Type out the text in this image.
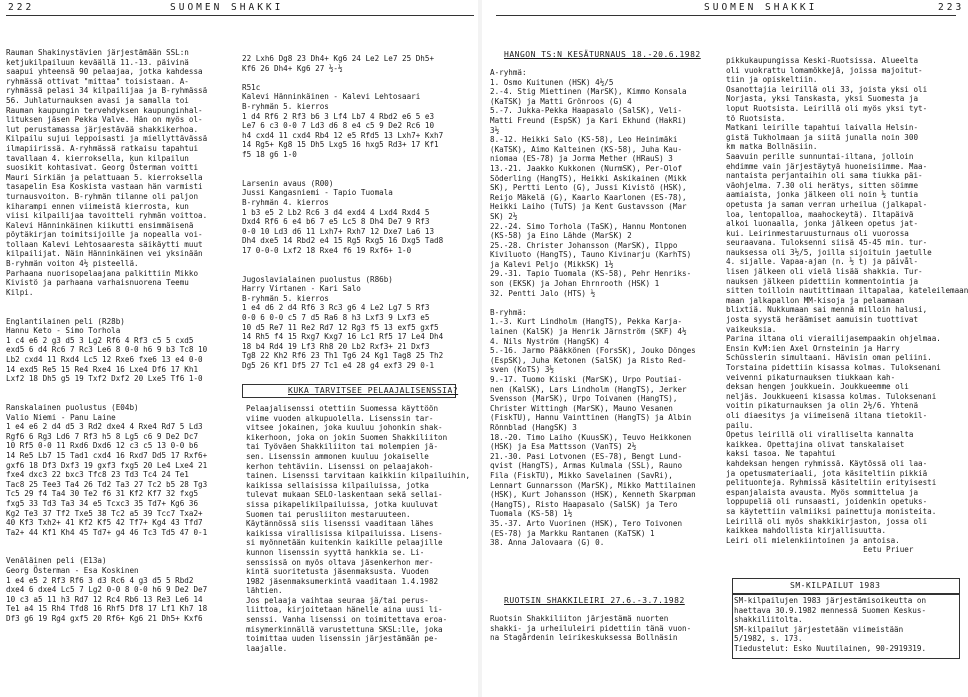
222	SUOMEN SHAKKI
Rauman Shakinystävien järjestämään SSL:n
ketjukilpailuun keväällä 11.-13. päivinä
saapui yhteensä 90 pelaajaa, jotka kahdessa
ryhmässä ottivat "mittaa" toisistaan. A-
ryhmässä pelasi 34 kilpailijaa ja B-ryhmässä
56. Juhlaturnauksen avasi ja samalla toi
Rauman kaupungin tervehdyksen kaupunginhal-
lituksen jäsen Pekka Valve. Hän on myös ol-
lut perustamassa järjestävää shakkikerhoa.
Kilpailu sujui leppoisasti ja miellyttävässä
ilmapiirissä. A-ryhmässä ratkaisu tapahtui
tavallaan 4. kierroksella, kun kilpailun
suosikit kohtasivat. Georg Österman voitti
Mauri Sirkiän ja pelattuaan 5. kierroksella
tasapelin Esa Koskista vastaan hän varmisti
turnausvoiton. B-ryhmän tilanne oli paljon
kiharampi ennen viimeistä kierrosta, kun
viisi kilpailijaa tavoitteli ryhmän voittoa.
Kalevi Hänninkäinen kiikutti ensimmäisenä
pöytäkirjan toimitsijoille ja nopealla voi-
tollaan Kalevi Lehtosaaresta säikäytti muut
kilpailijat. Näin Hänninkäinen vei yksinään
B-ryhmän voiton 4½ pisteellä.
Parhaana nuorisopelaajana palkittiin Mikko
Kivistö ja parhaana varhaisnuorena Teemu
Kilpi.
Englantilainen peli (R28b)
Hannu Keto - Simo Torhola
1 c4 e6 2 g3 d5 3 Lg2 Rf6 4 Rf3 c5 5 cxd5
exd5 6 d4 Rc6 7 Rc3 Le6 8 0-0 h6 9 b3 Tc8 10
Lb2 cxd4 11 Rxd4 Lc5 12 Rxe6 fxe6 13 e4 0-0
14 exd5 Re5 15 Re4 Rxe4 16 Lxe4 Df6 17 Kh1
Lxf2 18 Dh5 g5 19 Txf2 Dxf2 20 Lxe5 Tf6 1-0
Ranskalainen puolustus (E04b)
Valio Niemi - Panu Laine
1 e4 e6 2 d4 d5 3 Rd2 dxe4 4 Rxe4 Rd7 5 Ld3
Rgf6 6 Rg3 Ld6 7 Rf3 h5 8 Lg5 c6 9 De2 Dc7
10 Rf5 0-0 11 Rxd6 Dxd6 12 c3 c5 13 0-0 b6
14 Re5 Lb7 15 Tad1 cxd4 16 Rxd7 Dd5 17 Rxf6+
gxf6 18 Df3 Dxf3 19 gxf3 fxg5 20 Le4 Lxe4 21
fxe4 dxc3 22 bxc3 Tfc8 23 Td3 Tc4 24 Te1
Tac8 25 Tee3 Ta4 26 Td2 Ta3 27 Tc2 b5 28 Tg3
Tc5 29 f4 Ta4 30 Te2 f6 31 Kf2 Kf7 32 fxg5
fxg5 33 Td3 Ta3 34 e5 Tcxc3 35 Td7+ Kg6 36
Kg2 Te3 37 Tf2 Txe5 38 Tc2 a5 39 Tcc7 Txa2+
40 Kf3 Txh2+ 41 Kf2 Kf5 42 Tf7+ Kg4 43 Tfd7
Ta2+ 44 Kf1 Kh4 45 Td7+ g4 46 Tc3 Td5 47 0-1
Venäläinen peli (E13a)
Georg Österman - Esa Koskinen
1 e4 e5 2 Rf3 Rf6 3 d3 Rc6 4 g3 d5 5 Rbd2
dxe4 6 dxe4 Lc5 7 Lg2 0-0 8 0-0 h6 9 De2 De7
10 c3 a5 11 h3 Rd7 12 Rc4 Rb6 13 Re3 Le6 14
Te1 a4 15 Rh4 Tfd8 16 Rhf5 Df8 17 Lf1 Kh7 18
Df3 g6 19 Rg4 gxf5 20 Rf6+ Kg6 21 Dh5+ Kxf6
22 Lxh6 Dg8 23 Dh4+ Kg6 24 Le2 Le7 25 Dh5+
Kf6 26 Dh4+ Kg6 27 ½-½
R51c
Kalevi Hänninkäinen - Kalevi Lehtosaari
B-ryhmän 5. kierros
1 d4 Rf6 2 Rf3 b6 3 Lf4 Lb7 4 Rbd2 e6 5 e3
Le7 6 c3 0-0 7 Ld3 d6 8 e4 c5 9 De2 Rc6 10
h4 cxd4 11 cxd4 Rb4 12 e5 Rfd5 13 Lxh7+ Kxh7
14 Rg5+ Kg8 15 Dh5 Lxg5 16 hxg5 Rd3+ 17 Kf1
f5 18 g6 1-0
Larsenin avaus (R00)
Jussi Kangasniemi - Tapio Tuomala
B-ryhmän 4. kierros
1 b3 e5 2 Lb2 Rc6 3 d4 exd4 4 Lxd4 Rxd4 5
Dxd4 Rf6 6 e4 b6 7 e5 Lc5 8 Dh4 De7 9 Rf3
0-0 10 Ld3 d6 11 Lxh7+ Rxh7 12 Dxe7 La6 13
Dh4 dxe5 14 Rbd2 e4 15 Rg5 Rxg5 16 Dxg5 Tad8
17 0-0-0 Lxf2 18 Rxe4 f6 19 Rxf6+ 1-0
Jugoslavialainen puolustus (R86b)
Harry Virtanen - Kari Salo
B-ryhmän 5. kierros
1 e4 d6 2 d4 Rf6 3 Rc3 g6 4 Le2 Lg7 5 Rf3
0-0 6 0-0 c5 7 d5 Ra6 8 h3 Lxf3 9 Lxf3 e5
10 d5 Re7 11 Re2 Rd7 12 Rg3 f5 13 exf5 gxf5
14 Rh5 f4 15 Rxg7 Kxg7 16 Lc1 Rf5 17 Le4 Dh4
18 b4 Rd4 19 Lf3 Rh8 20 Lb2 Rxf3+ 21 Dxf3
Tg8 22 Kh2 Rf6 23 Th1 Tg6 24 Kg1 Tag8 25 Th2
Dg5 26 Kf1 Df5 27 Tc1 e4 28 g4 exf3 29 0-1
KUKA TARVITSEE PELAAJALISENSSIA?
Pelaajalisenssi otettiin Suomessa käyttöön
viime vuoden alkupuolella. Lisenssin tar-
vitsee jokainen, joka kuuluu johonkin shak-
kikerhoon, joka on jokin Suomen Shakkiliiton
tai Työväen Shakkiliiton tai molempien jä-
sen. Lisenssin ammonen kuuluu jokaiselle
kerhon tehtäviin. Lisenssi on pelaajakoh-
tainen. Lisenssi tarvitaan kaikkiin kilpailuihin,
kaikissa sellaisissa kilpailuissa, jotka
tulevat mukaan SELO-laskentaan sekä sellai-
sissa pikapelikilpailuissa, jotka kuuluvat
Suomen tai perusliiton mestaruuteen.
Käytännössä siis lisenssi vaaditaan lähes
kaikissa virallisissa kilpailuissa. Lisens-
si myönnetään kuitenkin kaikille pelaajille
kunnon lisenssin syyttä hankkia se. Li-
senssissä on myös oltava jäsenkerhon mer-
kintä suoritetusta jäsenmaksusta. Vuoden
1982 jäsenmaksumerkintä vaaditaan 1.4.1982
lähtien.
Jos pelaaja vaihtaa seuraa jä/tai perus-
liittoa, kirjoitetaan hänelle aina uusi li-
senssi. Vanha lisenssi on toimitettava eroa-
misymerkinnällä varustettuna SKSL:lle, joka
toimittaa uuden lisenssin järjestämään pe-
laajalle.
SUOMEN SHAKKI	223
HANGON TS:N KESÄTURNAUS 18.-20.6.1982
A-ryhmä:
1. Osmo Kuitunen (HSK) 4½/5
2.-4. Stig Miettinen (MarSK), Kimmo Konsala
(KaTSK) ja Matti Grönroos (G) 4
5.-7. Jukka-Pekka Haapasalo (SalSK), Veli-
Matti Freund (EspSK) ja Kari Ekhund (HakRi)
3½
8.-12. Heikki Salo (KS-58), Leo Heinimäki
(KaTSK), Aimo Kalteinen (KS-58), Juha Kau-
niomaa (ES-78) ja Jorma Mether (HRauS) 3
13.-21. Jaakko Kukkonen (NurmSK), Per-Olof
Söderling (HangTS), Heikki Askikainen (Mikk
SK), Pertti Lento (G), Jussi Kivistö (HSK),
Reijo Mäkelä (G), Kaarlo Kaarlonen (ES-78),
Heikki Laiho (TuTS) ja Kent Gustavsson (Mar
SK) 2½
22.-24. Simo Torhola (TaSK), Hannu Montonen
(KS-58) ja Eino Lähde (MarSK) 2
25.-28. Christer Johansson (MarSK), Ilppo
Kiviluoto (HangTS), Tauno Kivinarju (KarhTS)
ja Kalevi Peljo (MikkSK) 1½
29.-31. Tapio Tuomala (KS-58), Pehr Henriks-
son (EKSK) ja Johan Ehrnrooth (HSK) 1
32. Pentti Jalo (HTS) ½
B-ryhmä:
1.-3. Kurt Lindholm (HangTS), Pekka Karja-
lainen (KalSK) ja Henrik Järnström (SKF) 4½
4. Nils Nyström (HangSK) 4
5.-16. Jarmo Pääkkönen (ForsSK), Jouko Dönges
(EspSK), Juha Ketonen (SalSK) ja Risto Red-
sven (KoTS) 3½
9.-17. Tuomo Kiiski (MarSK), Urpo Poutiai-
nen (KalSK), Lars Lindholm (HangTS), Jerker
Svensson (MarSK), Urpo Toivanen (HangTS),
Christer Wittingh (MarSK), Mauno Vesanen
(FiskTU), Hannu Vainttinen (HangTS) ja Albin
Rönnblad (HangSK) 3
18.-20. Timo Laiho (KuusSK), Teuvo Heikkonen
(HSK) ja Esa Mattsson (VanTS) 2½
21.-30. Pasi Lotvonen (ES-78), Bengt Lund-
qvist (HangTS), Armas Kulmala (SSL), Rauno
Fila (FiskTU), Mikko Savelainen (SavRi),
Lennart Gunnarsson (MarSK), Mikko Mattilainen
(HSK), Kurt Johansson (HSK), Kenneth Skarpman
(HangTS), Risto Haapasalo (SalSK) ja Tero
Tuomala (KS-58) 1½
35.-37. Arto Vuorinen (HSK), Tero Toivonen
(ES-78) ja Markku Rantanen (KaTSK) 1
38. Anna Jalovaara (G) 0.
RUOTSIN SHAKKILEIRI 27.6.-3.7.1982
Ruotsin Shakkiliiton järjestämä nuorten
shakki- ja urheiluleiri pidettiin tänä vuon-
na Stagårdenin leirikeskuksessa Bollnäsin
pikkukaupungissa Keski-Ruotsissa. Alueelta
oli vuokrattu lomamökkejä, joissa majoitut-
tiin ja opiskeltiin.
Osanottajia leirillä oli 33, joista yksi oli
Norjasta, yksi Tanskasta, yksi Suomesta ja
loput Ruotsista. Leirillä oli myös yksi tyt-
tö Ruotsista.
Matkani leirille tapahtui laivalla Helsin-
gistä Tukholmaan ja siitä junalla noin 300
km matka Bollnäsiin.
Saavuin perille sunnuntai-iltana, jolloin
ehdimme vain järjestäytyä huoneisiimme. Maa-
nantaista perjantaihin oli sama tiukka päi-
väohjelma. 7.30 oli herätys, sitten söimme
aamiaista, jonka jälkeen oli noin ½ tuntia
opetusta ja saman verran urheilua (jalkapal-
loa, lentopalloa, maahockeytä). Iltapäivä
alkoi luonaalla, jonka jälkeen opetus jat-
kui. Leirinmestaruusturnaus oli vuorossa
seuraavana. Tuloksenni siisä 45-45 min. tur-
nauksessa oli 3½/5, joilla sijoituin jaetulle
4. sijalle. Vapaa-ajan (n. ½ t) ja päivål-
lisen jälkeen oli vielä lisää shakkia. Tur-
nauksen jälkeen pidettiin kommentointia ja
sitten toilloin nautittimaan iltapalaa, kateleilemaan
maan jalkapallon MM-kisoja ja pelaamaan
blixtiä. Nukkumaan sai mennä milloin halusi,
josta syystä heräämiset aamuisin tuottivat
vaikeuksia.
Parina iltana oli vierailijasempaakin ohjelmaa.
Ensin KvM:ien Axel Ornsteinin ja Harry
Schüsslerin simultaani. Hävisin oman peliini.
Torstaina pidettiin kisassa kolmas. Tuloksenani
veivenni pikaturnauksen tiukkaan kah-
deksan hengen joukkuein. Joukkueemme oli
neljäs. Joukkueeni kisassa kolmas. Tuloksenani
voitin pikaturnauksen ja olin 2½/6. Yhtenä
oli diaesitys ja viimeisenä iltana tietokil-
pailu.
Opetus leirillä oli viralliselta kannalta
kaikkea. Opettajina olivat tanskalaiset
kaksi tasoa. Ne tapahtui
kahdeksan hengen ryhmissä. Käytössä oli laa-
ja opetusmateriaali, jota käsiteltiin pikkiä
pelituonteja. Ryhmissä käsiteltiin erityisesti
espanjalaista avausta. Myös sommittelua ja
loppupeliä oli runsaasti, joidenkin opetuks-
sa käytettiin valmiiksi painettuja monisteita.
Leirillä oli myös shakkikirjaston, jossa oli
kaikkea mahdollista kirjallisuutta.
Leiri oli mielenkiintoinen ja antoisa.
Eetu Priuer
SM-KILPAILUT 1983
SM-kilpailujen 1983 järjestämisoikeutta on
haettava 30.9.1982 mennessä Suomen Keskus-
shakkiliitolta.
SM-kilpailut järjestetään viimeistään
5/1982, s. 173.
Tiedustelut: Esko Nuutilainen, 90-2919319.
